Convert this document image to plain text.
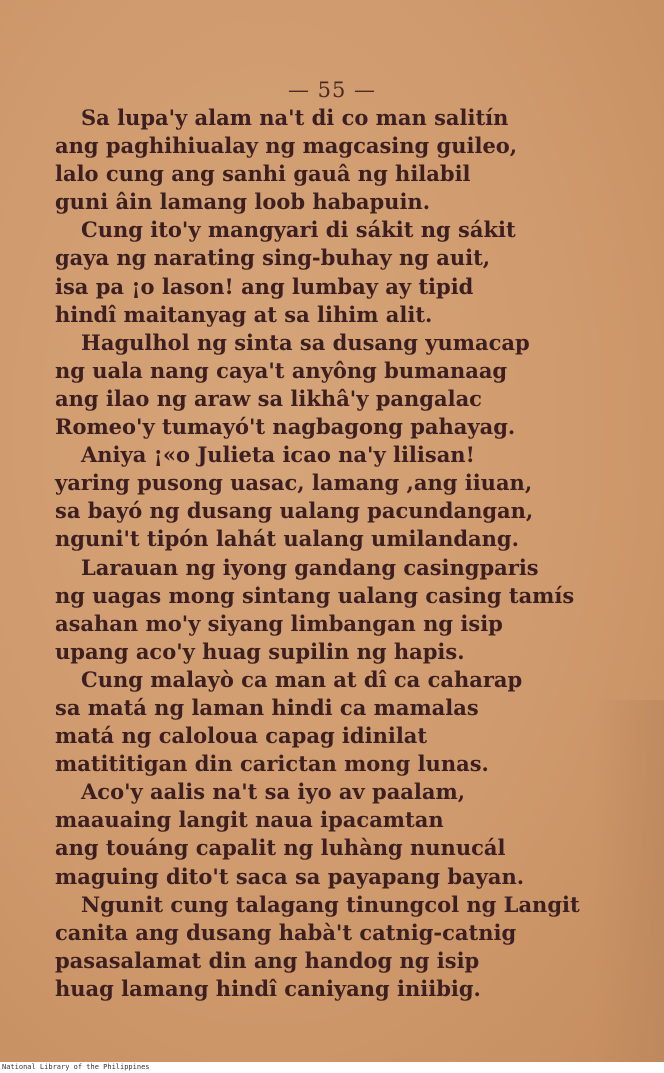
— 55 —
Sa lupa'y alam na't di co man salitín
ang paghihiualay ng magcasing guileo,
lalo cung ang sanhi gauâ ng hilabil
guni âin lamang loob habapuin.
Cung ito'y mangyari di sákit ng sákit
gaya ng narating sing-buhay ng auit,
isa pa ¡o lason! ang lumbay ay tipid
hindî maitanyag at sa lihim alit.
Hagulhol ng sinta sa dusang yumacap
ng uala nang caya't anyông bumanaag
ang ilao ng araw sa likhâ'y pangalac
Romeo'y tumayó't nagbagong pahayag.
Aniya ¡«o Julieta icao na'y lilisan!
yaring pusong uasac, lamang ,ang iiuan,
sa bayó ng dusang ualang pacundangan,
nguni't tipón lahát ualang umilandang.
Larauan ng iyong gandang casingparis
ng uagas mong sintang ualang casing tamís
asahan mo'y siyang limbangan ng isip
upang aco'y huag supilin ng hapis.
Cung malayò ca man at dî ca caharap
sa matá ng laman hindi ca mamalas
matá ng caloloua capag idinilat
matititigan din carictan mong lunas.
Aco'y aalis na't sa iyo av paalam,
maauaing langit naua ipacamtan
ang touáng capalit ng luhàng nunucál
maguing dito't saca sa payapang bayan.
Ngunit cung talagang tinungcol ng Langit
canita ang dusang habà't catnig-catnig
pasasalamat din ang handog ng isip
huag lamang hindî caniyang iniibig.
National Library of the Philippines
